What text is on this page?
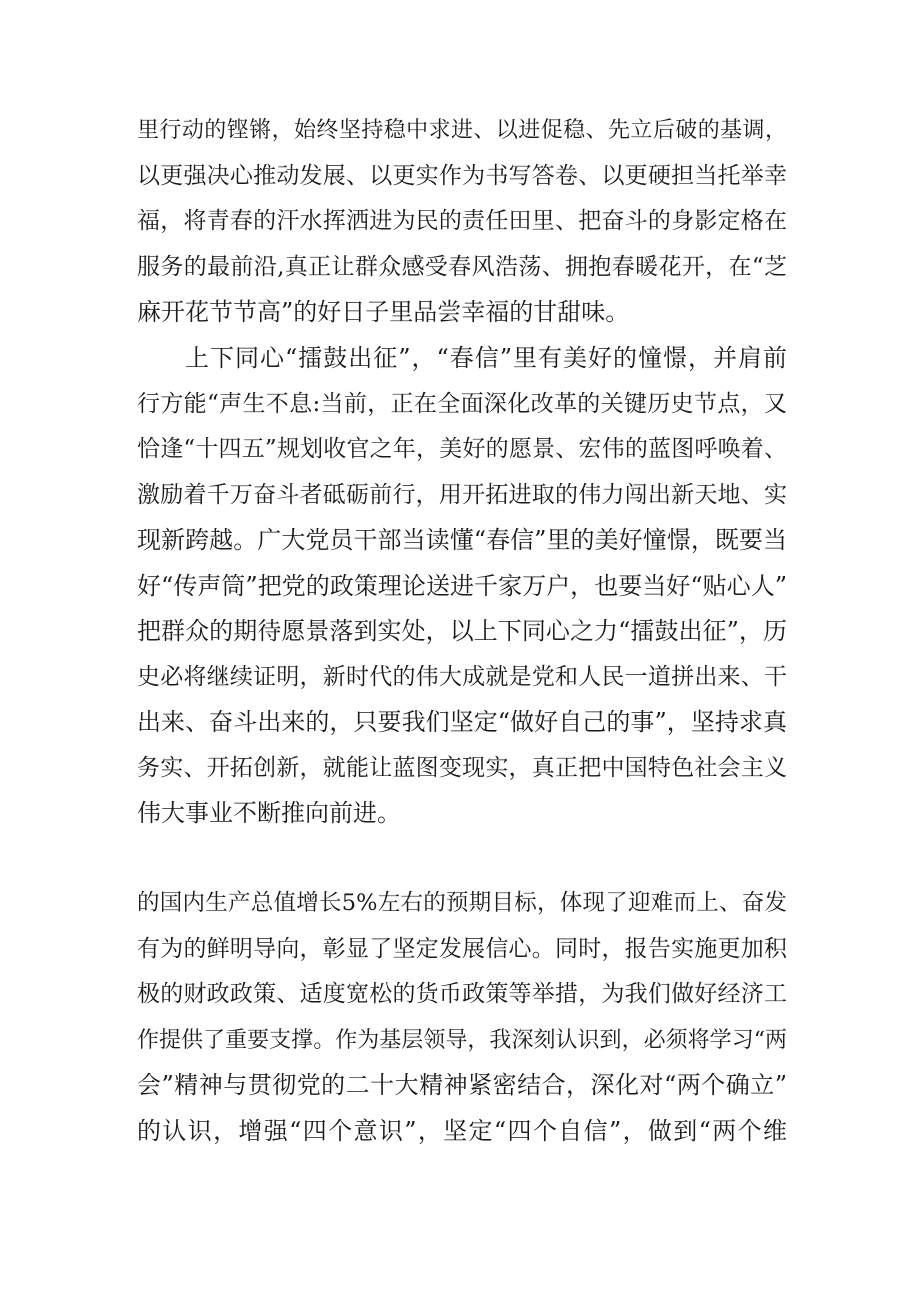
里行动的铿锵，始终坚持稳中求进、以进促稳、先立后破的基调，
以更强决心推动发展、以更实作为书写答卷、以更硬担当托举幸
福，将青春的汗水挥洒进为民的责任田里、把奋斗的身影定格在
服务的最前沿,真正让群众感受春风浩荡、拥抱春暖花开，在“芝
麻开花节节高”的好日子里品尝幸福的甘甜味。
上下同心“擂鼓出征”，“春信”里有美好的憧憬，并肩前
行方能“声生不息:当前，正在全面深化改革的关键历史节点，又
恰逢“十四五”规划收官之年，美好的愿景、宏伟的蓝图呼唤着、
激励着千万奋斗者砥砺前行，用开拓进取的伟力闯出新天地、实
现新跨越。广大党员干部当读懂“春信”里的美好憧憬，既要当
好“传声筒”把党的政策理论送进千家万户，也要当好“贴心人”
把群众的期待愿景落到实处，以上下同心之力“擂鼓出征”，历
史必将继续证明，新时代的伟大成就是党和人民一道拼出来、干
出来、奋斗出来的，只要我们坚定“做好自己的事”，坚持求真
务实、开拓创新，就能让蓝图变现实，真正把中国特色社会主义
伟大事业不断推向前进。
的国内生产总值增长5%左右的预期目标，体现了迎难而上、奋发
有为的鲜明导向，彰显了坚定发展信心。同时，报告实施更加积
极的财政政策、适度宽松的货币政策等举措，为我们做好经济工
作提供了重要支撑。作为基层领导，我深刻认识到，必须将学习“两
会”精神与贯彻党的二十大精神紧密结合，深化对“两个确立”
的认识，增强“四个意识”，坚定“四个自信”，做到“两个维
